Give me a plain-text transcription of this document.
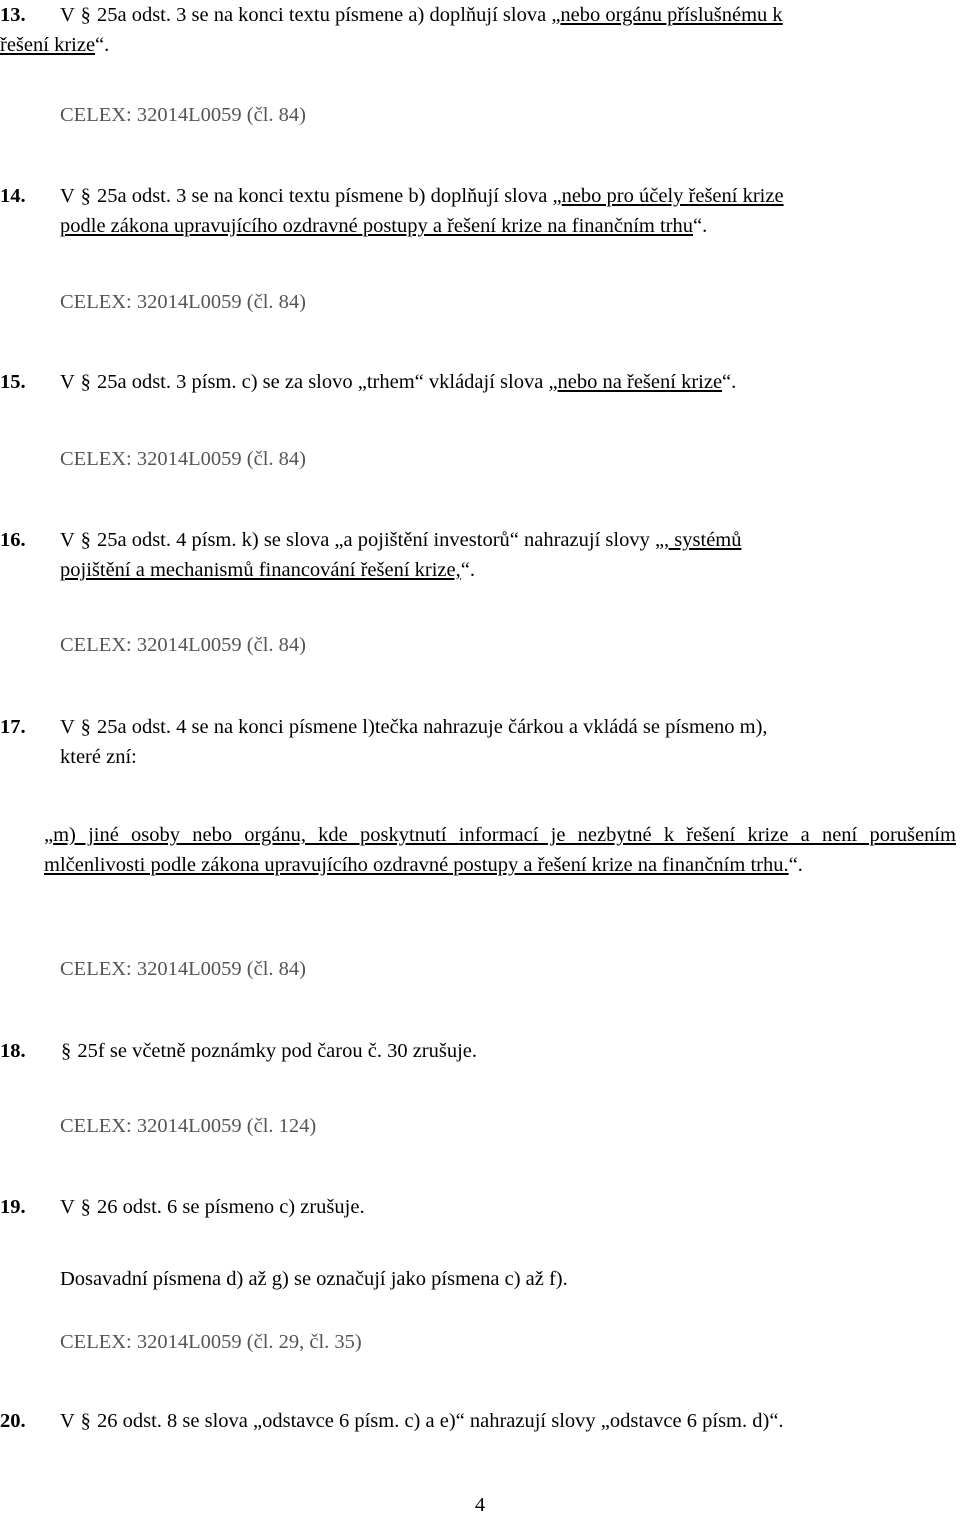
13. V § 25a odst. 3 se na konci textu písmene a) doplňují slova „nebo orgánu příslušnému k
řešení krize“.
CELEX: 32014L0059 (čl. 84)
14. V § 25a odst. 3 se na konci textu písmene b) doplňují slova „nebo pro účely řešení krize
podle zákona upravujícího ozdravné postupy a řešení krize na finančním trhu“.
CELEX: 32014L0059 (čl. 84)
15. V § 25a odst. 3 písm. c) se za slovo „trhem“ vkládají slova „nebo na řešení krize“.
CELEX: 32014L0059 (čl. 84)
16. V § 25a odst. 4 písm. k) se slova „a pojištění investorů“ nahrazují slovy „, systémů
pojištění a mechanismů financování řešení krize,“.
CELEX: 32014L0059 (čl. 84)
17. V § 25a odst. 4 se na konci písmene l)tečka nahrazuje čárkou a vkládá se písmeno m),
které zní:
„m) jiné osoby nebo orgánu, kde poskytnutí informací je nezbytné k řešení krize a není porušením mlčenlivosti podle zákona upravujícího ozdravné postupy a řešení krize na finančním trhu.“.
CELEX: 32014L0059 (čl. 84)
18. § 25f se včetně poznámky pod čarou č. 30 zrušuje.
CELEX: 32014L0059 (čl. 124)
19. V § 26 odst. 6 se písmeno c) zrušuje.
Dosavadní písmena d) až g) se označují jako písmena c) až f).
CELEX: 32014L0059 (čl. 29, čl. 35)
20. V § 26 odst. 8 se slova „odstavce 6 písm. c) a e)“ nahrazují slovy „odstavce 6 písm. d)“.
4
